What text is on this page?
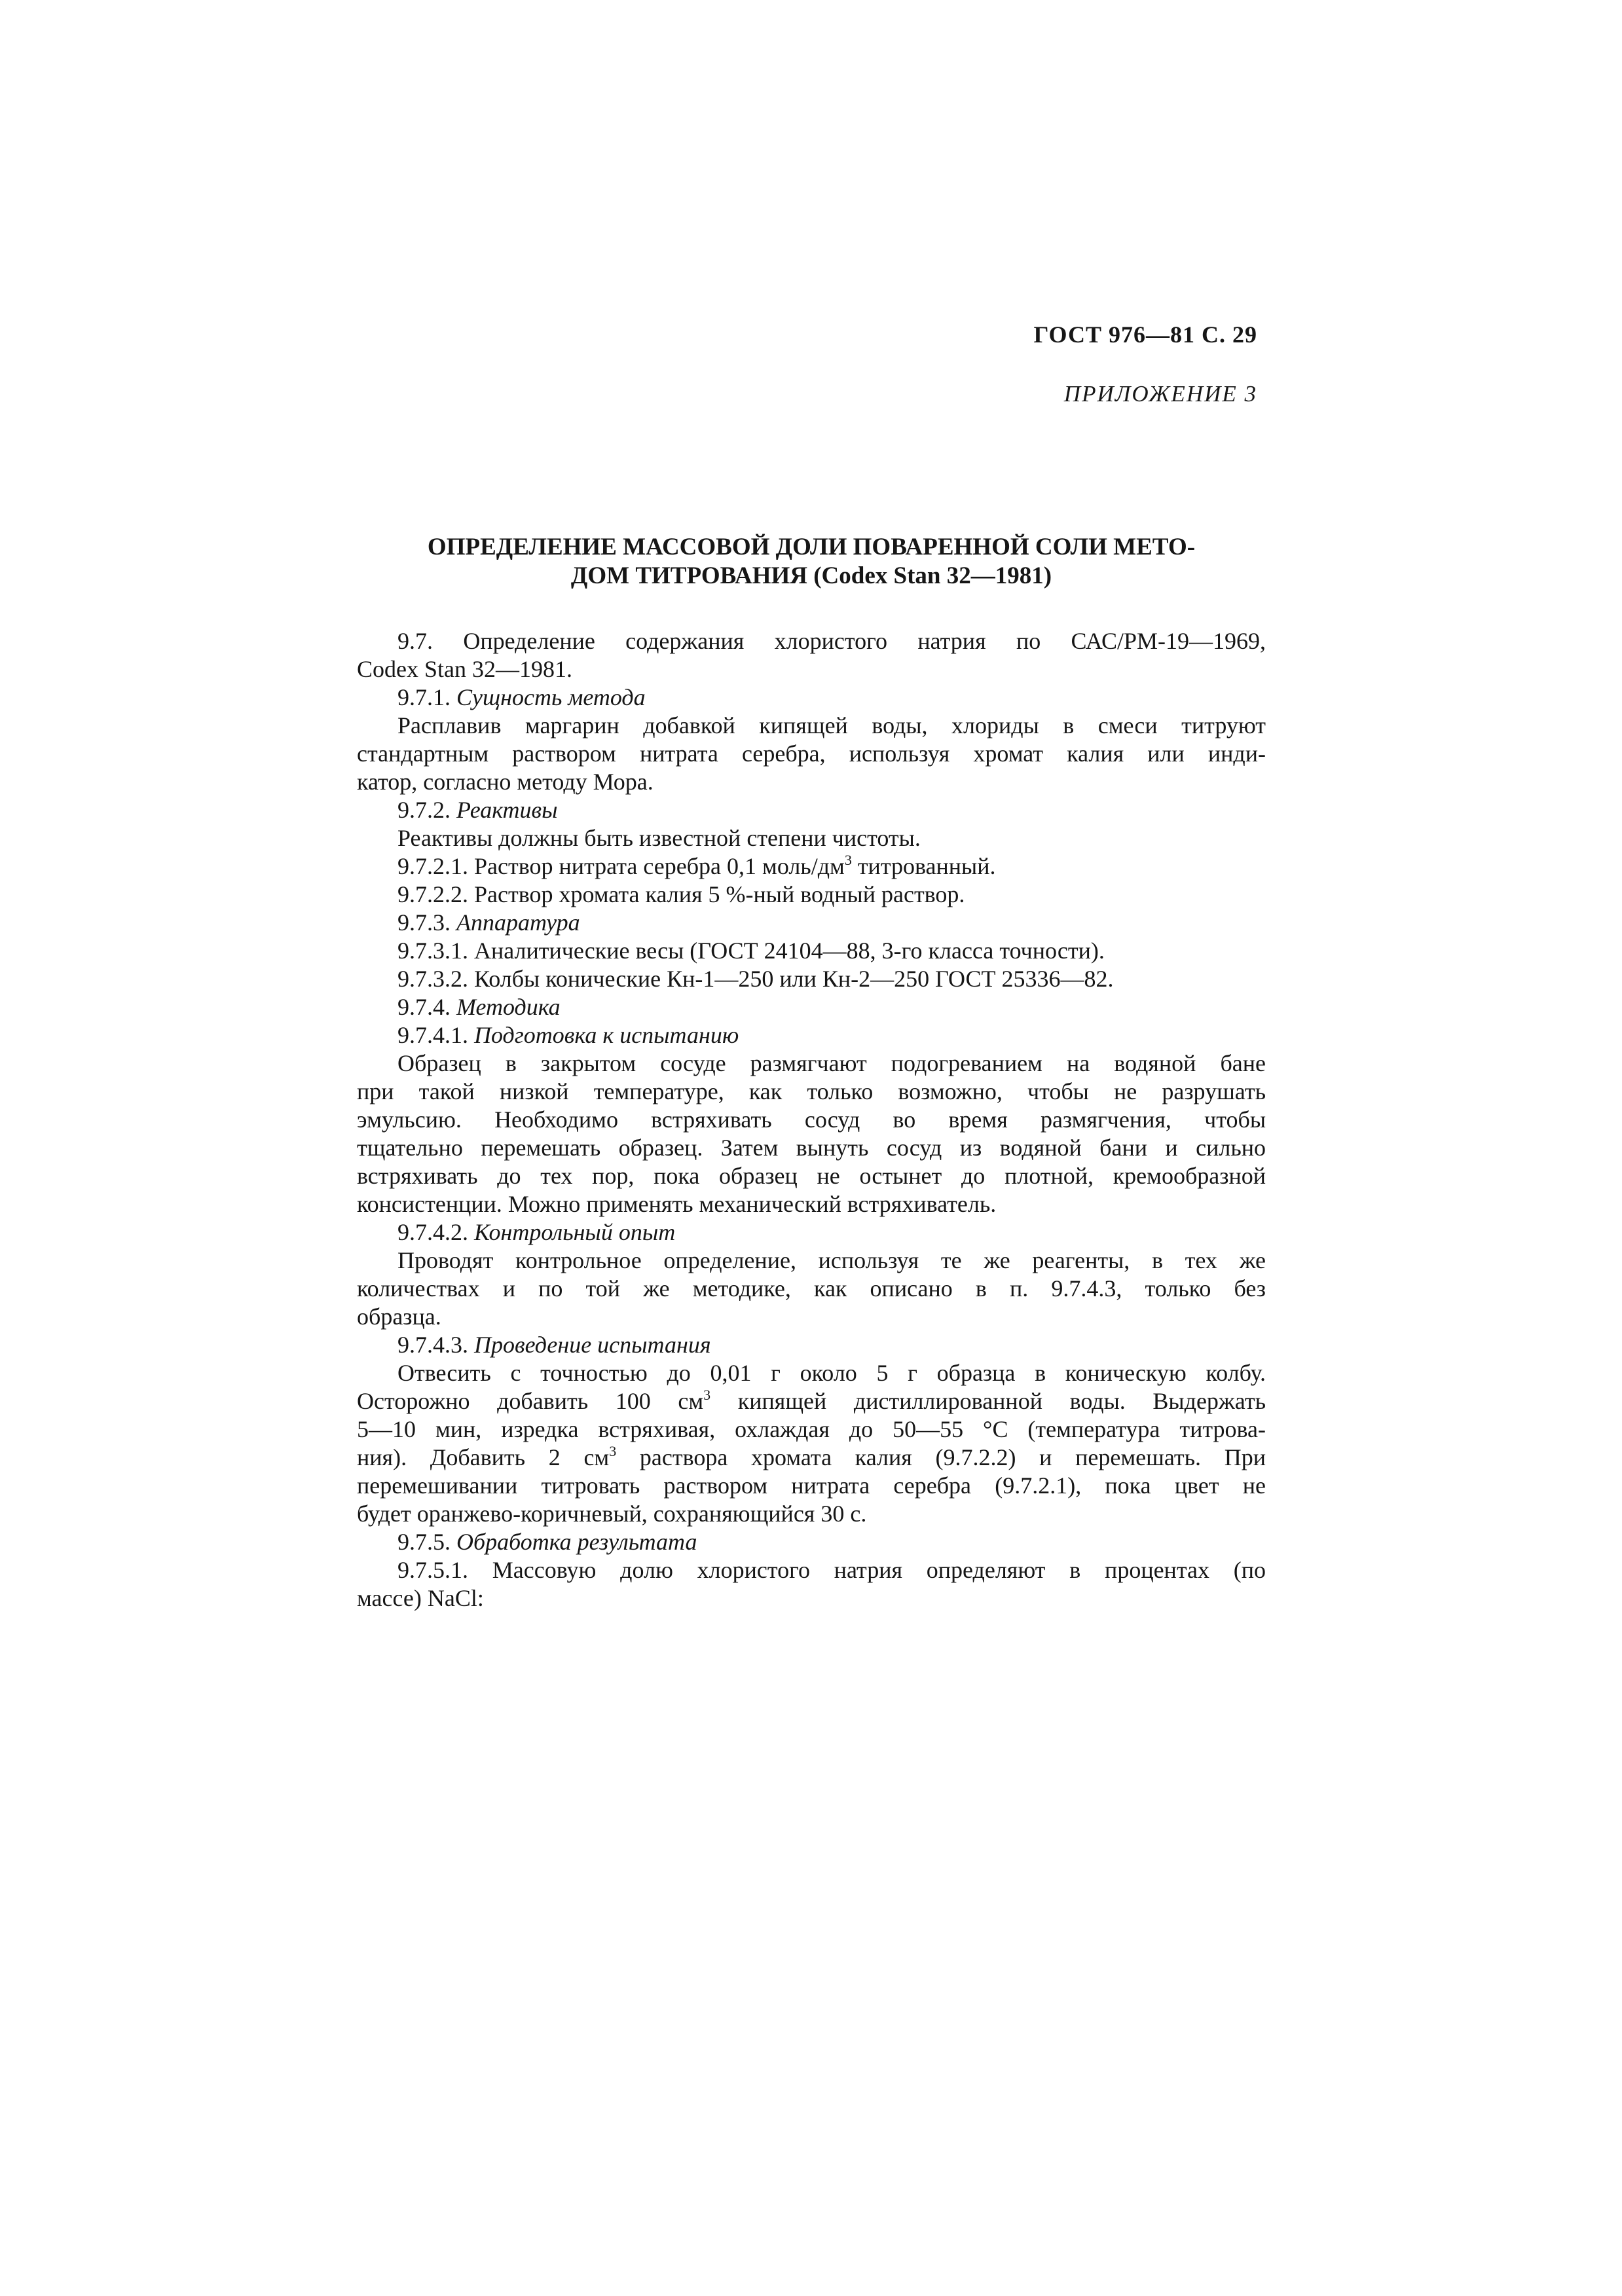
ГОСТ 976—81 С. 29
ПРИЛОЖЕНИЕ 3
ОПРЕДЕЛЕНИЕ МАССОВОЙ ДОЛИ ПОВАРЕННОЙ СОЛИ МЕТО-
ДОМ ТИТРОВАНИЯ (Codex Stan 32—1981)
9.7. Определение содержания хлористого натрия по САС/РМ-19—1969,
Codex Stan 32—1981.
9.7.1. Сущность метода
Расплавив маргарин добавкой кипящей воды, хлориды в смеси титруют
стандартным раствором нитрата серебра, используя хромат калия или инди-
катор, согласно методу Мора.
9.7.2. Реактивы
Реактивы должны быть известной степени чистоты.
9.7.2.1. Раствор нитрата серебра 0,1 моль/$дм^3$ титрованный.
9.7.2.2. Раствор хромата калия 5 %-ный водный раствор.
9.7.3. Аппаратура
9.7.3.1. Аналитические весы (ГОСТ 24104—88, 3-го класса точности).
9.7.3.2. Колбы конические Кн-1—250 или Кн-2—250 ГОСТ 25336—82.
9.7.4. Методика
9.7.4.1. Подготовка к испытанию
Образец в закрытом сосуде размягчают подогреванием на водяной бане
при такой низкой температуре, как только возможно, чтобы не разрушать
эмульсию. Необходимо встряхивать сосуд во время размягчения, чтобы
тщательно перемешать образец. Затем вынуть сосуд из водяной бани и сильно
встряхивать до тех пор, пока образец не остынет до плотной, кремообразной
консистенции. Можно применять механический встряхиватель.
9.7.4.2. Контрольный опыт
Проводят контрольное определение, используя те же реагенты, в тех же
количествах и по той же методике, как описано в п. 9.7.4.3, только без
образца.
9.7.4.3. Проведение испытания
Отвесить с точностью до 0,01 г около 5 г образца в коническую колбу.
Осторожно добавить 100 $см^3$ кипящей дистиллированной воды. Выдержать
5—10 мин, изредка встряхивая, охлаждая до 50—55 °С (температура титрова-
ния). Добавить 2 $см^3$ раствора хромата калия (9.7.2.2) и перемешать. При
перемешивании титровать раствором нитрата серебра (9.7.2.1), пока цвет не
будет оранжево-коричневый, сохраняющийся 30 с.
9.7.5. Обработка результата
9.7.5.1. Массовую долю хлористого натрия определяют в процентах (по
массе) NaCl:
